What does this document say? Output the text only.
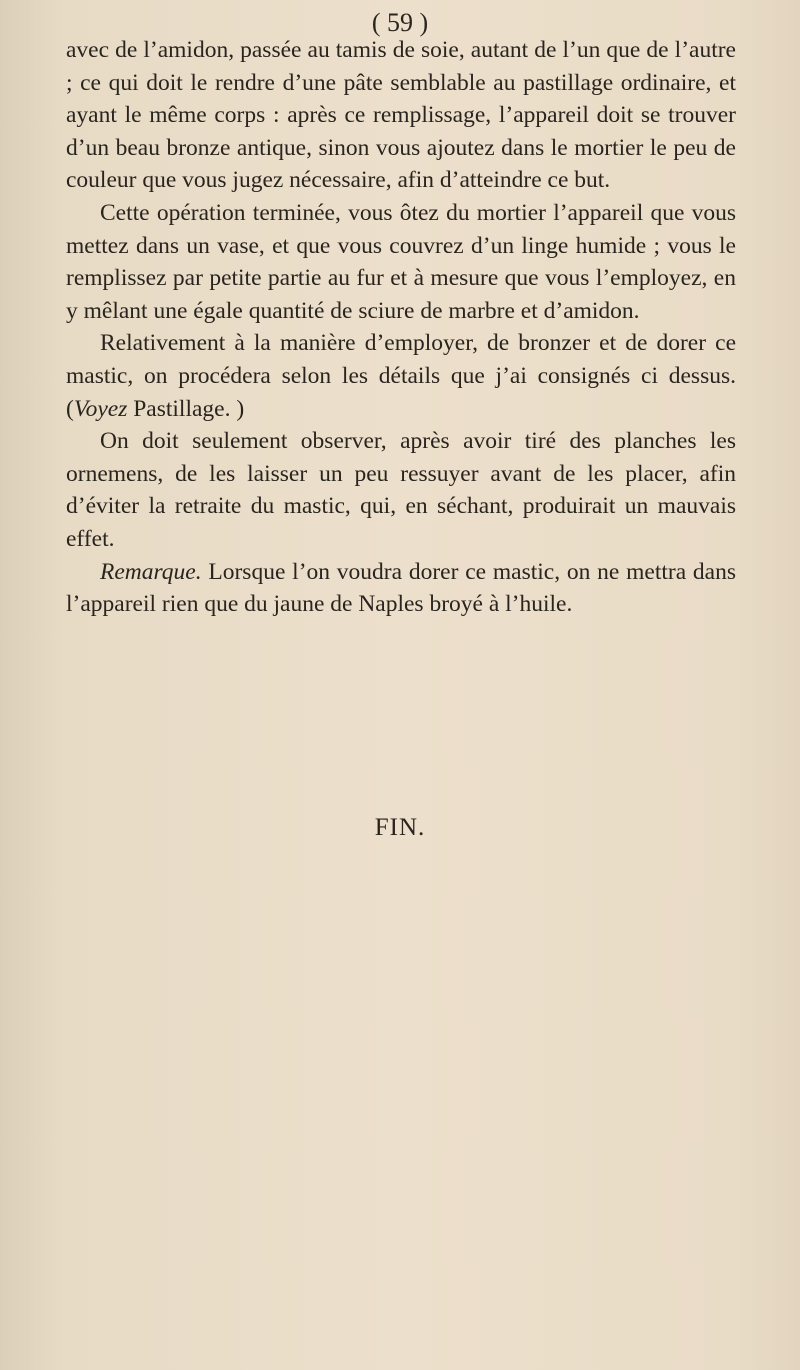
( 59 )

avec de l’amidon, passée au tamis de soie, autant de l’un que de l’autre ; ce qui doit le rendre d’une pâte semblable au pastillage ordinaire, et ayant le même corps : après ce remplissage, l’appareil doit se trouver d’un beau bronze antique, sinon vous ajoutez dans le mortier le peu de couleur que vous jugez nécessaire, afin d’atteindre ce but.

Cette opération terminée, vous ôtez du mortier l’appareil que vous mettez dans un vase, et que vous couvrez d’un linge humide ; vous le remplissez par petite partie au fur et à mesure que vous l’employez, en y mêlant une égale quantité de sciure de marbre et d’amidon.

Relativement à la manière d’employer, de bronzer et de dorer ce mastic, on procédera selon les détails que j’ai consignés ci dessus. (Voyez Pastillage. )

On doit seulement observer, après avoir tiré des planches les ornemens, de les laisser un peu ressuyer avant de les placer, afin d’éviter la retraite du mastic, qui, en séchant, produirait un mauvais effet.

Remarque. Lorsque l’on voudra dorer ce mastic, on ne mettra dans l’appareil rien que du jaune de Naples broyé à l’huile.

FIN.
